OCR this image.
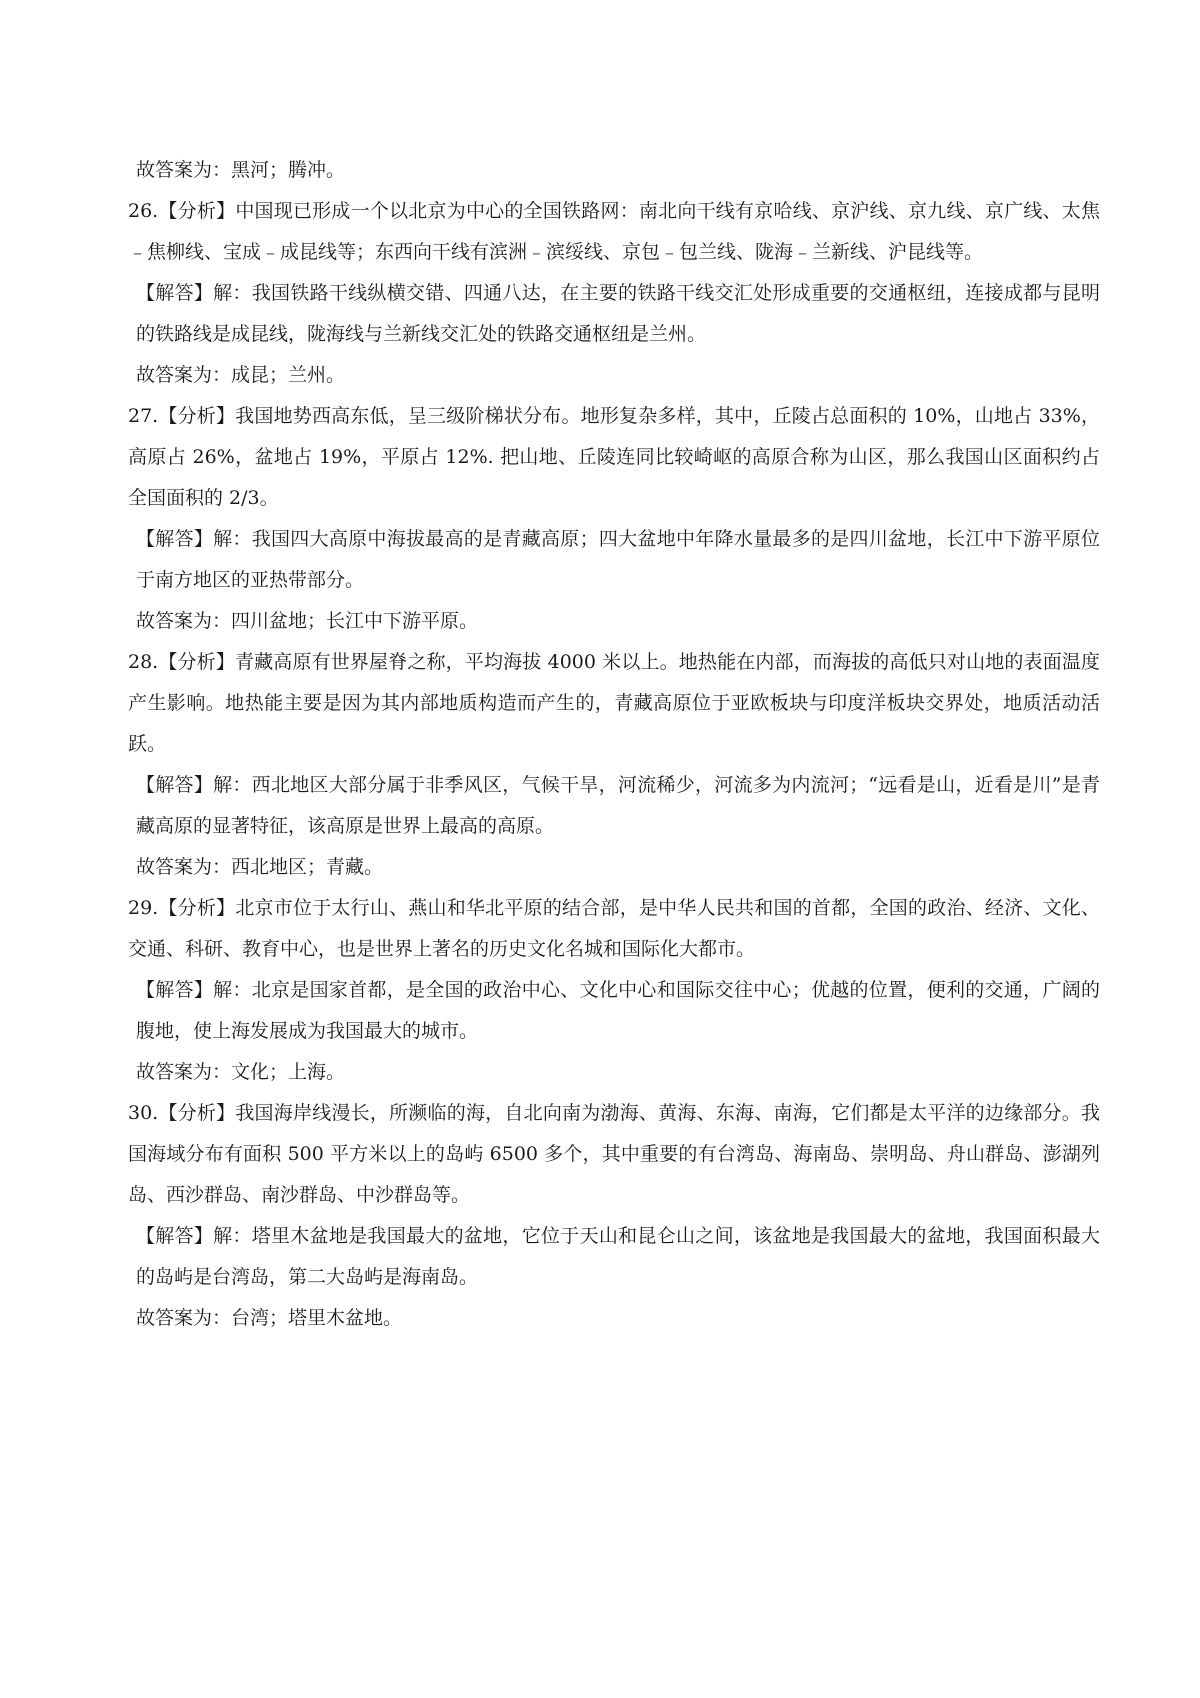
故答案为：黑河；腾冲。

26.【分析】中国现已形成一个以北京为中心的全国铁路网：南北向干线有京哈线、京沪线、京九线、京广线、太焦﹣焦柳线、宝成﹣成昆线等；东西向干线有滨洲﹣滨绥线、京包﹣包兰线、陇海﹣兰新线、沪昆线等。

【解答】解：我国铁路干线纵横交错、四通八达，在主要的铁路干线交汇处形成重要的交通枢纽，连接成都与昆明的铁路线是成昆线，陇海线与兰新线交汇处的铁路交通枢纽是兰州。

故答案为：成昆；兰州。

27.【分析】我国地势西高东低，呈三级阶梯状分布。地形复杂多样，其中，丘陵占总面积的 10%，山地占 33%，高原占 26%，盆地占 19%，平原占 12%. 把山地、丘陵连同比较崎岖的高原合称为山区，那么我国山区面积约占全国面积的 2/3。

【解答】解：我国四大高原中海拔最高的是青藏高原；四大盆地中年降水量最多的是四川盆地，长江中下游平原位于南方地区的亚热带部分。

故答案为：四川盆地；长江中下游平原。

28.【分析】青藏高原有世界屋脊之称，平均海拔 4000 米以上。地热能在内部，而海拔的高低只对山地的表面温度产生影响。地热能主要是因为其内部地质构造而产生的，青藏高原位于亚欧板块与印度洋板块交界处，地质活动活跃。

【解答】解：西北地区大部分属于非季风区，气候干旱，河流稀少，河流多为内流河；“远看是山，近看是川”是青藏高原的显著特征，该高原是世界上最高的高原。

故答案为：西北地区；青藏。

29.【分析】北京市位于太行山、燕山和华北平原的结合部，是中华人民共和国的首都，全国的政治、经济、文化、交通、科研、教育中心，也是世界上著名的历史文化名城和国际化大都市。

【解答】解：北京是国家首都，是全国的政治中心、文化中心和国际交往中心；优越的位置，便利的交通，广阔的腹地，使上海发展成为我国最大的城市。

故答案为：文化；上海。

30.【分析】我国海岸线漫长，所濒临的海，自北向南为渤海、黄海、东海、南海，它们都是太平洋的边缘部分。我国海域分布有面积 500 平方米以上的岛屿 6500 多个，其中重要的有台湾岛、海南岛、崇明岛、舟山群岛、澎湖列岛、西沙群岛、南沙群岛、中沙群岛等。

【解答】解：塔里木盆地是我国最大的盆地，它位于天山和昆仑山之间，该盆地是我国最大的盆地，我国面积最大的岛屿是台湾岛，第二大岛屿是海南岛。

故答案为：台湾；塔里木盆地。
